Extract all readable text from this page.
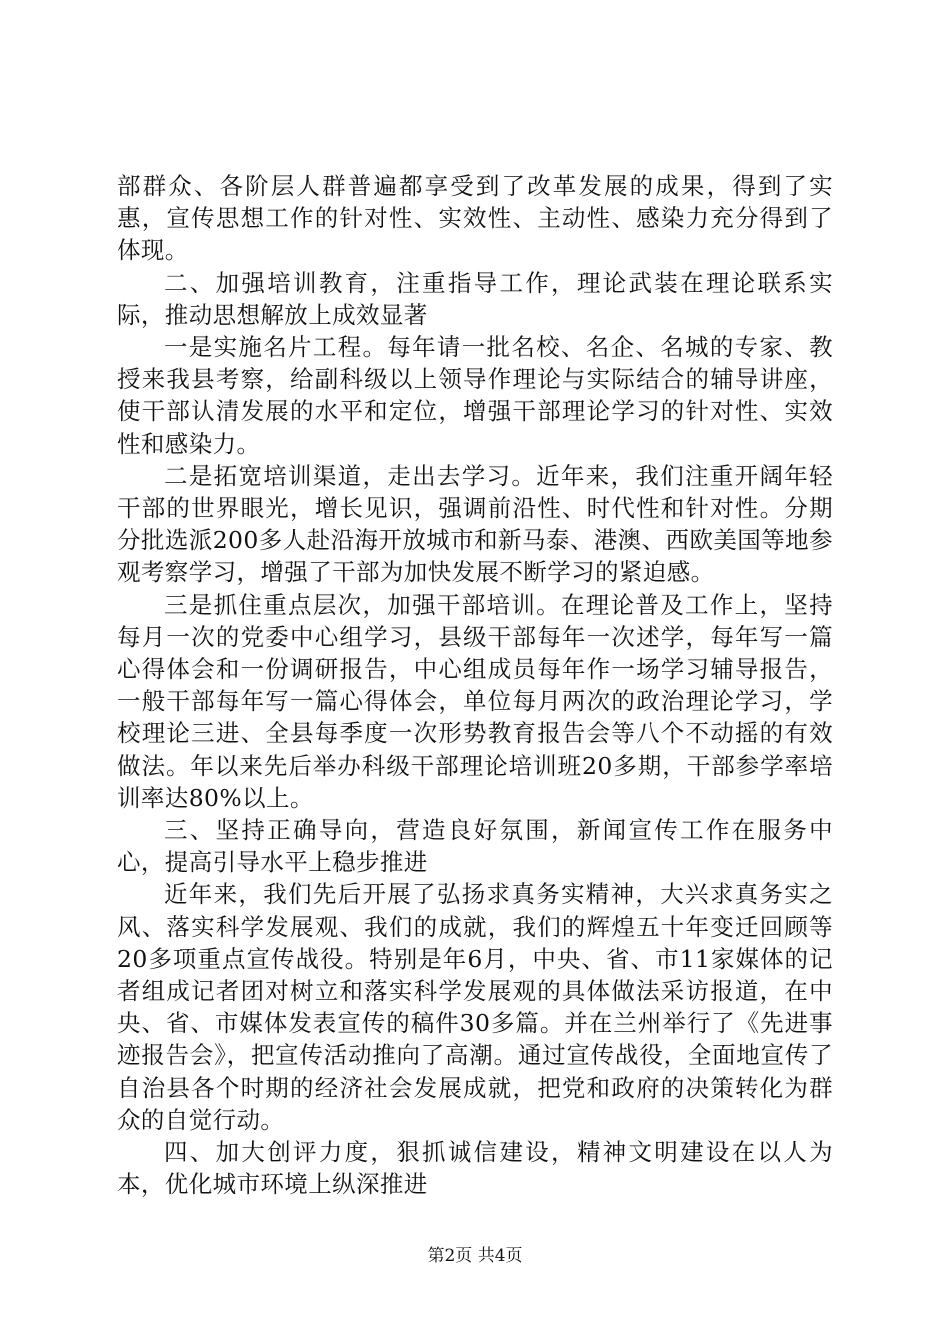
部群众、各阶层人群普遍都享受到了改革发展的成果，得到了实惠，宣传思想工作的针对性、实效性、主动性、感染力充分得到了体现。

二、加强培训教育，注重指导工作，理论武装在理论联系实际，推动思想解放上成效显著

一是实施名片工程。每年请一批名校、名企、名城的专家、教授来我县考察，给副科级以上领导作理论与实际结合的辅导讲座，使干部认清发展的水平和定位，增强干部理论学习的针对性、实效性和感染力。

二是拓宽培训渠道，走出去学习。近年来，我们注重开阔年轻干部的世界眼光，增长见识，强调前沿性、时代性和针对性。分期分批选派200多人赴沿海开放城市和新马泰、港澳、西欧美国等地参观考察学习，增强了干部为加快发展不断学习的紧迫感。

三是抓住重点层次，加强干部培训。在理论普及工作上，坚持每月一次的党委中心组学习，县级干部每年一次述学，每年写一篇心得体会和一份调研报告，中心组成员每年作一场学习辅导报告，一般干部每年写一篇心得体会，单位每月两次的政治理论学习，学校理论三进、全县每季度一次形势教育报告会等八个不动摇的有效做法。年以来先后举办科级干部理论培训班20多期，干部参学率培训率达80%以上。

三、坚持正确导向，营造良好氛围，新闻宣传工作在服务中心，提高引导水平上稳步推进

近年来，我们先后开展了弘扬求真务实精神，大兴求真务实之风、落实科学发展观、我们的成就，我们的辉煌五十年变迁回顾等20多项重点宣传战役。特别是年6月，中央、省、市11家媒体的记者组成记者团对树立和落实科学发展观的具体做法采访报道，在中央、省、市媒体发表宣传的稿件30多篇。并在兰州举行了《先进事迹报告会》，把宣传活动推向了高潮。通过宣传战役，全面地宣传了自治县各个时期的经济社会发展成就，把党和政府的决策转化为群众的自觉行动。

四、加大创评力度，狠抓诚信建设，精神文明建设在以人为本，优化城市环境上纵深推进

第2页 共4页
